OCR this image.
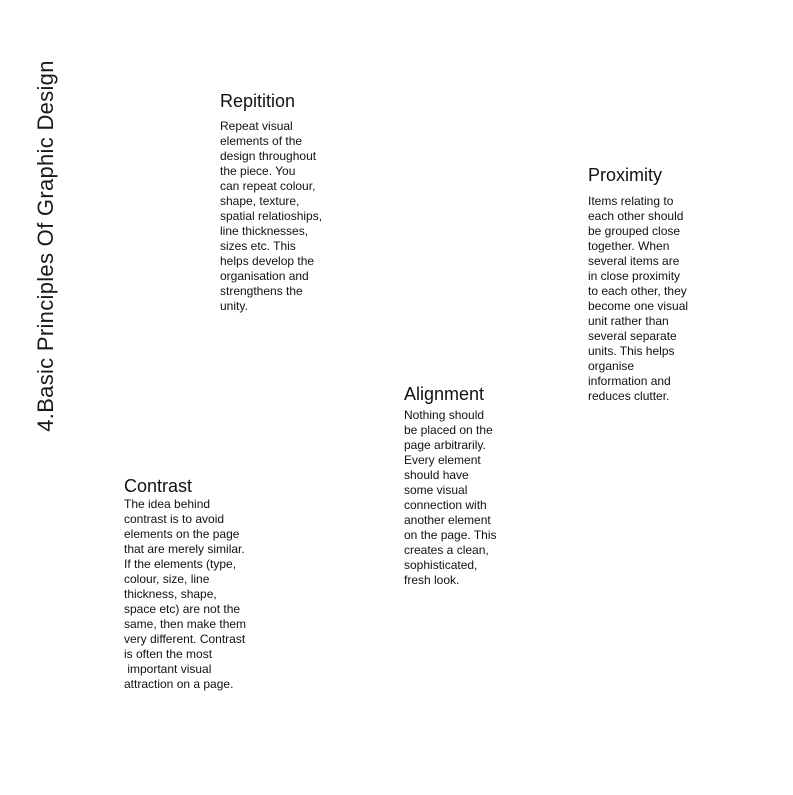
4.Basic Principles Of Graphic Design	Repitition
Repeat visual
elements of the
design throughout
the piece. You
can repeat colour,
shape, texture,
spatial relatioships,
line thicknesses,
sizes etc. This
helps develop the
organisation and
strengthens the
unity.
Proximity
Items relating to
each other should
be grouped close
together. When
several items are
in close proximity
to each other, they
become one visual
unit rather than
several separate
units. This helps
organise
information and
reduces clutter.
Alignment
Nothing should
be placed on the
page arbitrarily.
Every element
should have
some visual
connection with
another element
on the page. This
creates a clean,
sophisticated,
fresh look.
Contrast
The idea behind
contrast is to avoid
elements on the page
that are merely similar.
If the elements (type,
colour, size, line
thickness, shape,
space etc) are not the
same, then make them
very different. Contrast
is often the most
important visual
attraction on a page.
